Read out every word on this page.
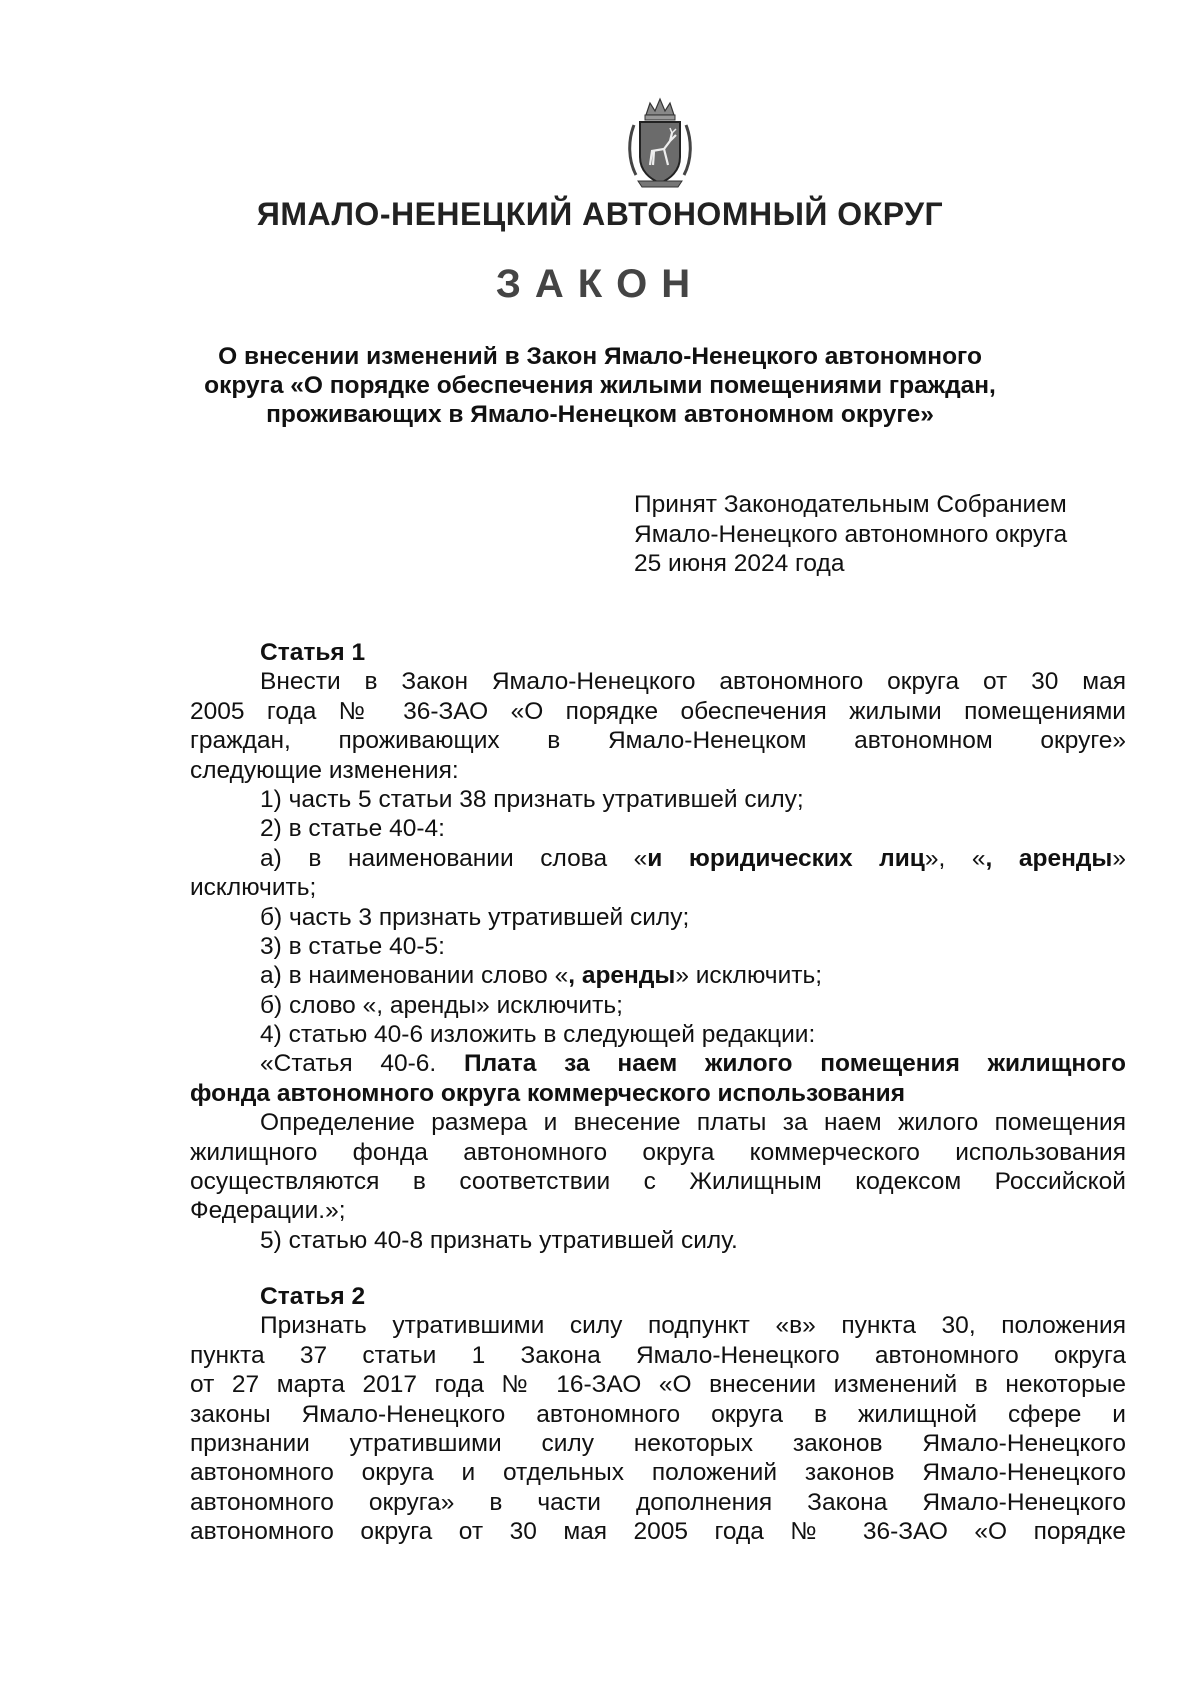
ЯМАЛО-НЕНЕЦКИЙ АВТОНОМНЫЙ ОКРУГ
ЗАКОН
О внесении изменений в Закон Ямало-Ненецкого автономного
округа «О порядке обеспечения жилыми помещениями граждан,
проживающих в Ямало-Ненецком автономном округе»
Принят Законодательным Собранием
Ямало-Ненецкого автономного округа
25 июня 2024 года
Статья 1
Внести в Закон Ямало-Ненецкого автономного округа от 30 мая
2005 года № 36-ЗАО «О порядке обеспечения жилыми помещениями
граждан, проживающих в Ямало-Ненецком автономном округе»
следующие изменения:
1) часть 5 статьи 38 признать утратившей силу;
2) в статье 40-4:
а) в наименовании слова «и юридических лиц», «, аренды»
исключить;
б) часть 3 признать утратившей силу;
3) в статье 40-5:
а) в наименовании слово «, аренды» исключить;
б) слово «, аренды» исключить;
4) статью 40-6 изложить в следующей редакции:
«Статья 40-6. Плата за наем жилого помещения жилищного
фонда автономного округа коммерческого использования
Определение размера и внесение платы за наем жилого помещения
жилищного фонда автономного округа коммерческого использования
осуществляются в соответствии с Жилищным кодексом Российской
Федерации.»;
5) статью 40-8 признать утратившей силу.
Статья 2
Признать утратившими силу подпункт «в» пункта 30, положения
пункта 37 статьи 1 Закона Ямало-Ненецкого автономного округа
от 27 марта 2017 года № 16-ЗАО «О внесении изменений в некоторые
законы Ямало-Ненецкого автономного округа в жилищной сфере и
признании утратившими силу некоторых законов Ямало-Ненецкого
автономного округа и отдельных положений законов Ямало-Ненецкого
автономного округа» в части дополнения Закона Ямало-Ненецкого
автономного округа от 30 мая 2005 года № 36-ЗАО «О порядке
